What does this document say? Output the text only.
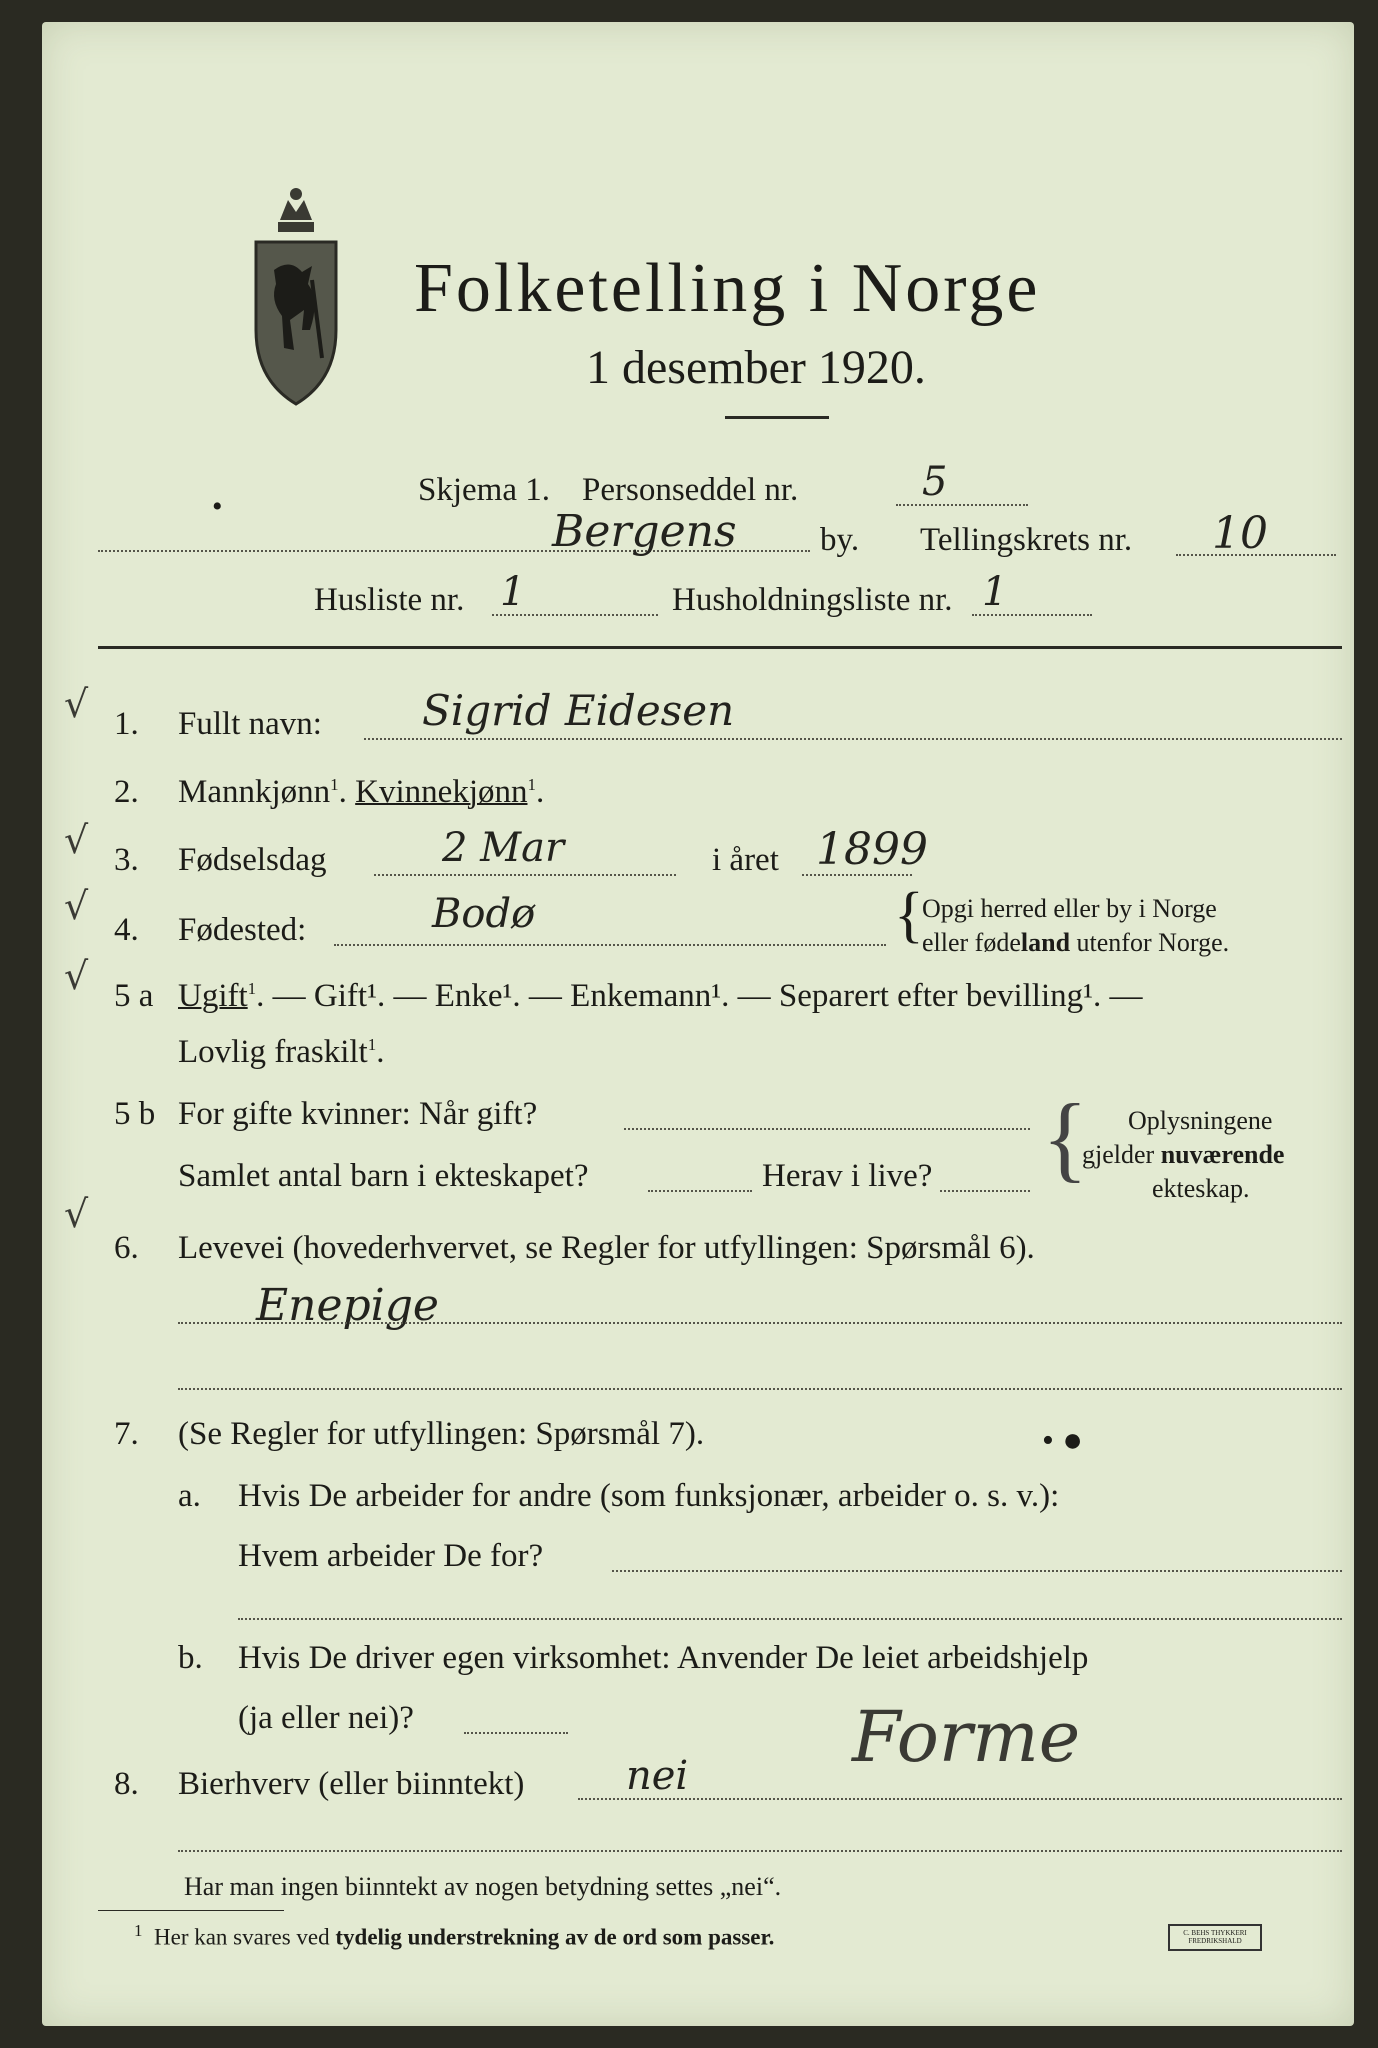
Folketelling i Norge
1 desember 1920.
Skjema 1. Personseddel nr.	5
•	Bergens	by. Tellingskrets nr. 10
Husliste nr. 1	Husholdningsliste nr. 1
√
√
√
√
√
1. Fullt navn: Sigrid Eidesen
2. Mannkjønn$^1$. Kvinnekjønn$^1$.
3. Fødselsdag	2 Mar	i året 1899
4. Fødested:	Bodø	{
Opgi herred eller by i Norge
eller fødeland utenfor Norge.
5 a Ugift$^1$. — Gift¹. — Enke¹. — Enkemann¹. — Separert efter bevilling¹. —
Lovlig fraskilt$^1$.
5 b For gifte kvinner: Når gift?
Samlet antal barn i ekteskapet?	Herav i live? { Oplysningene
gjelder nuværende
ekteskap.
6. Levevei (hovederhvervet, se Regler for utfyllingen: Spørsmål 6).
Enepige
7. (Se Regler for utfyllingen: Spørsmål 7).	• ●
a. Hvis De arbeider for andre (som funksjonær, arbeider o. s. v.):
Hvem arbeider De for?
b. Hvis De driver egen virksomhet: Anvender De leiet arbeidshjelp
(ja eller nei)?
8. Bierhverv (eller biinntekt)	nei Forme
Har man ingen biinntekt av nogen betydning settes „nei“.
$^1$ Her kan svares ved tydelig understrekning av de ord som passer.	C. BEHS THYKKERI FREDRIKSHALD
